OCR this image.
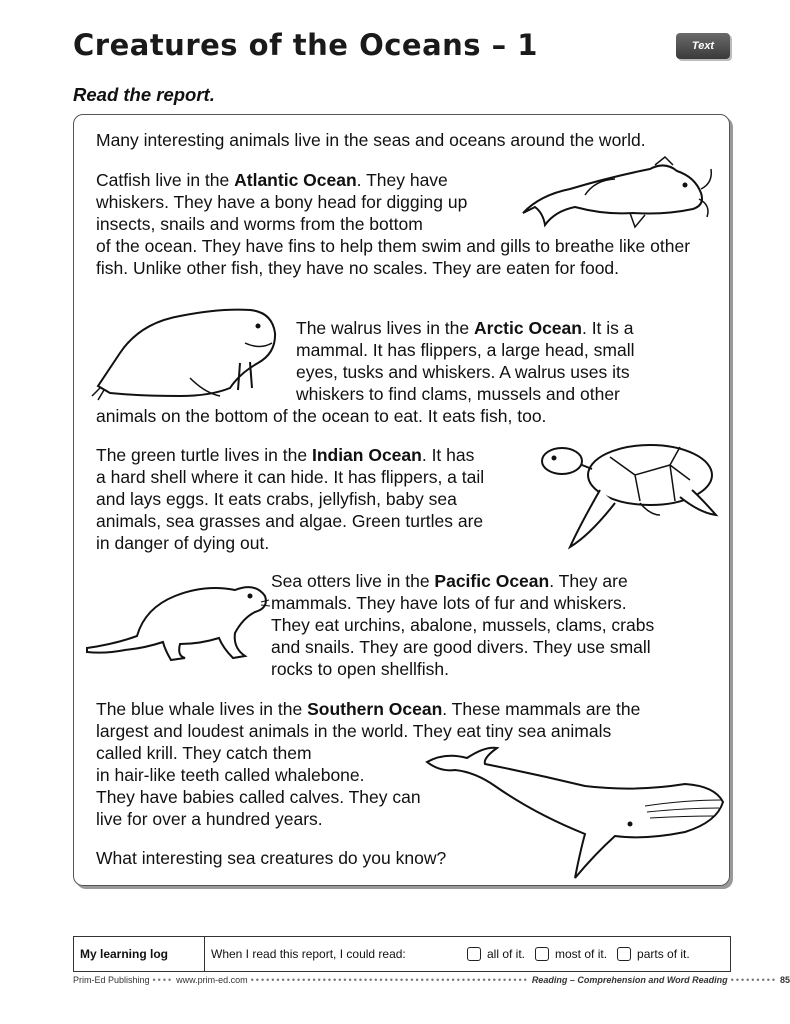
Creatures of the Oceans – 1	Text
Read the report.

Many interesting animals live in the seas and oceans around the world.

Catfish live in the Atlantic Ocean. They have
whiskers. They have a bony head for digging up
insects, snails and worms from the bottom
of the ocean. They have fins to help them swim and gills to breathe like other fish. Unlike other fish, they have no scales. They are eaten for food.

The walrus lives in the Arctic Ocean. It is a
mammal. It has flippers, a large head, small
eyes, tusks and whiskers. A walrus uses its
whiskers to find clams, mussels and other

animals on the bottom of the ocean to eat. It eats fish, too.

The green turtle lives in the Indian Ocean. It has
a hard shell where it can hide. It has flippers, a tail
and lays eggs. It eats crabs, jellyfish, baby sea
animals, sea grasses and algae. Green turtles are
in danger of dying out.

Sea otters live in the Pacific Ocean. They are
mammals. They have lots of fur and whiskers.
They eat urchins, abalone, mussels, clams, crabs
and snails. They are good divers. They use small
rocks to open shellfish.

The blue whale lives in the Southern Ocean. These mammals are the
largest and loudest animals in the world. They eat tiny sea animals
called krill. They catch them
in hair-like teeth called whalebone.
They have babies called calves. They can
live for over a hundred years.

What interesting sea creatures do you know?

My learning log	When I read this report, I could read:	all of it.	most of it.	parts of it.
Prim-Ed Publishing •••• www.prim-ed.com •••••••••••••••••••••••••••••••••••••••••••••••••••••• Reading – Comprehension and Word Reading ••••••••• 85
